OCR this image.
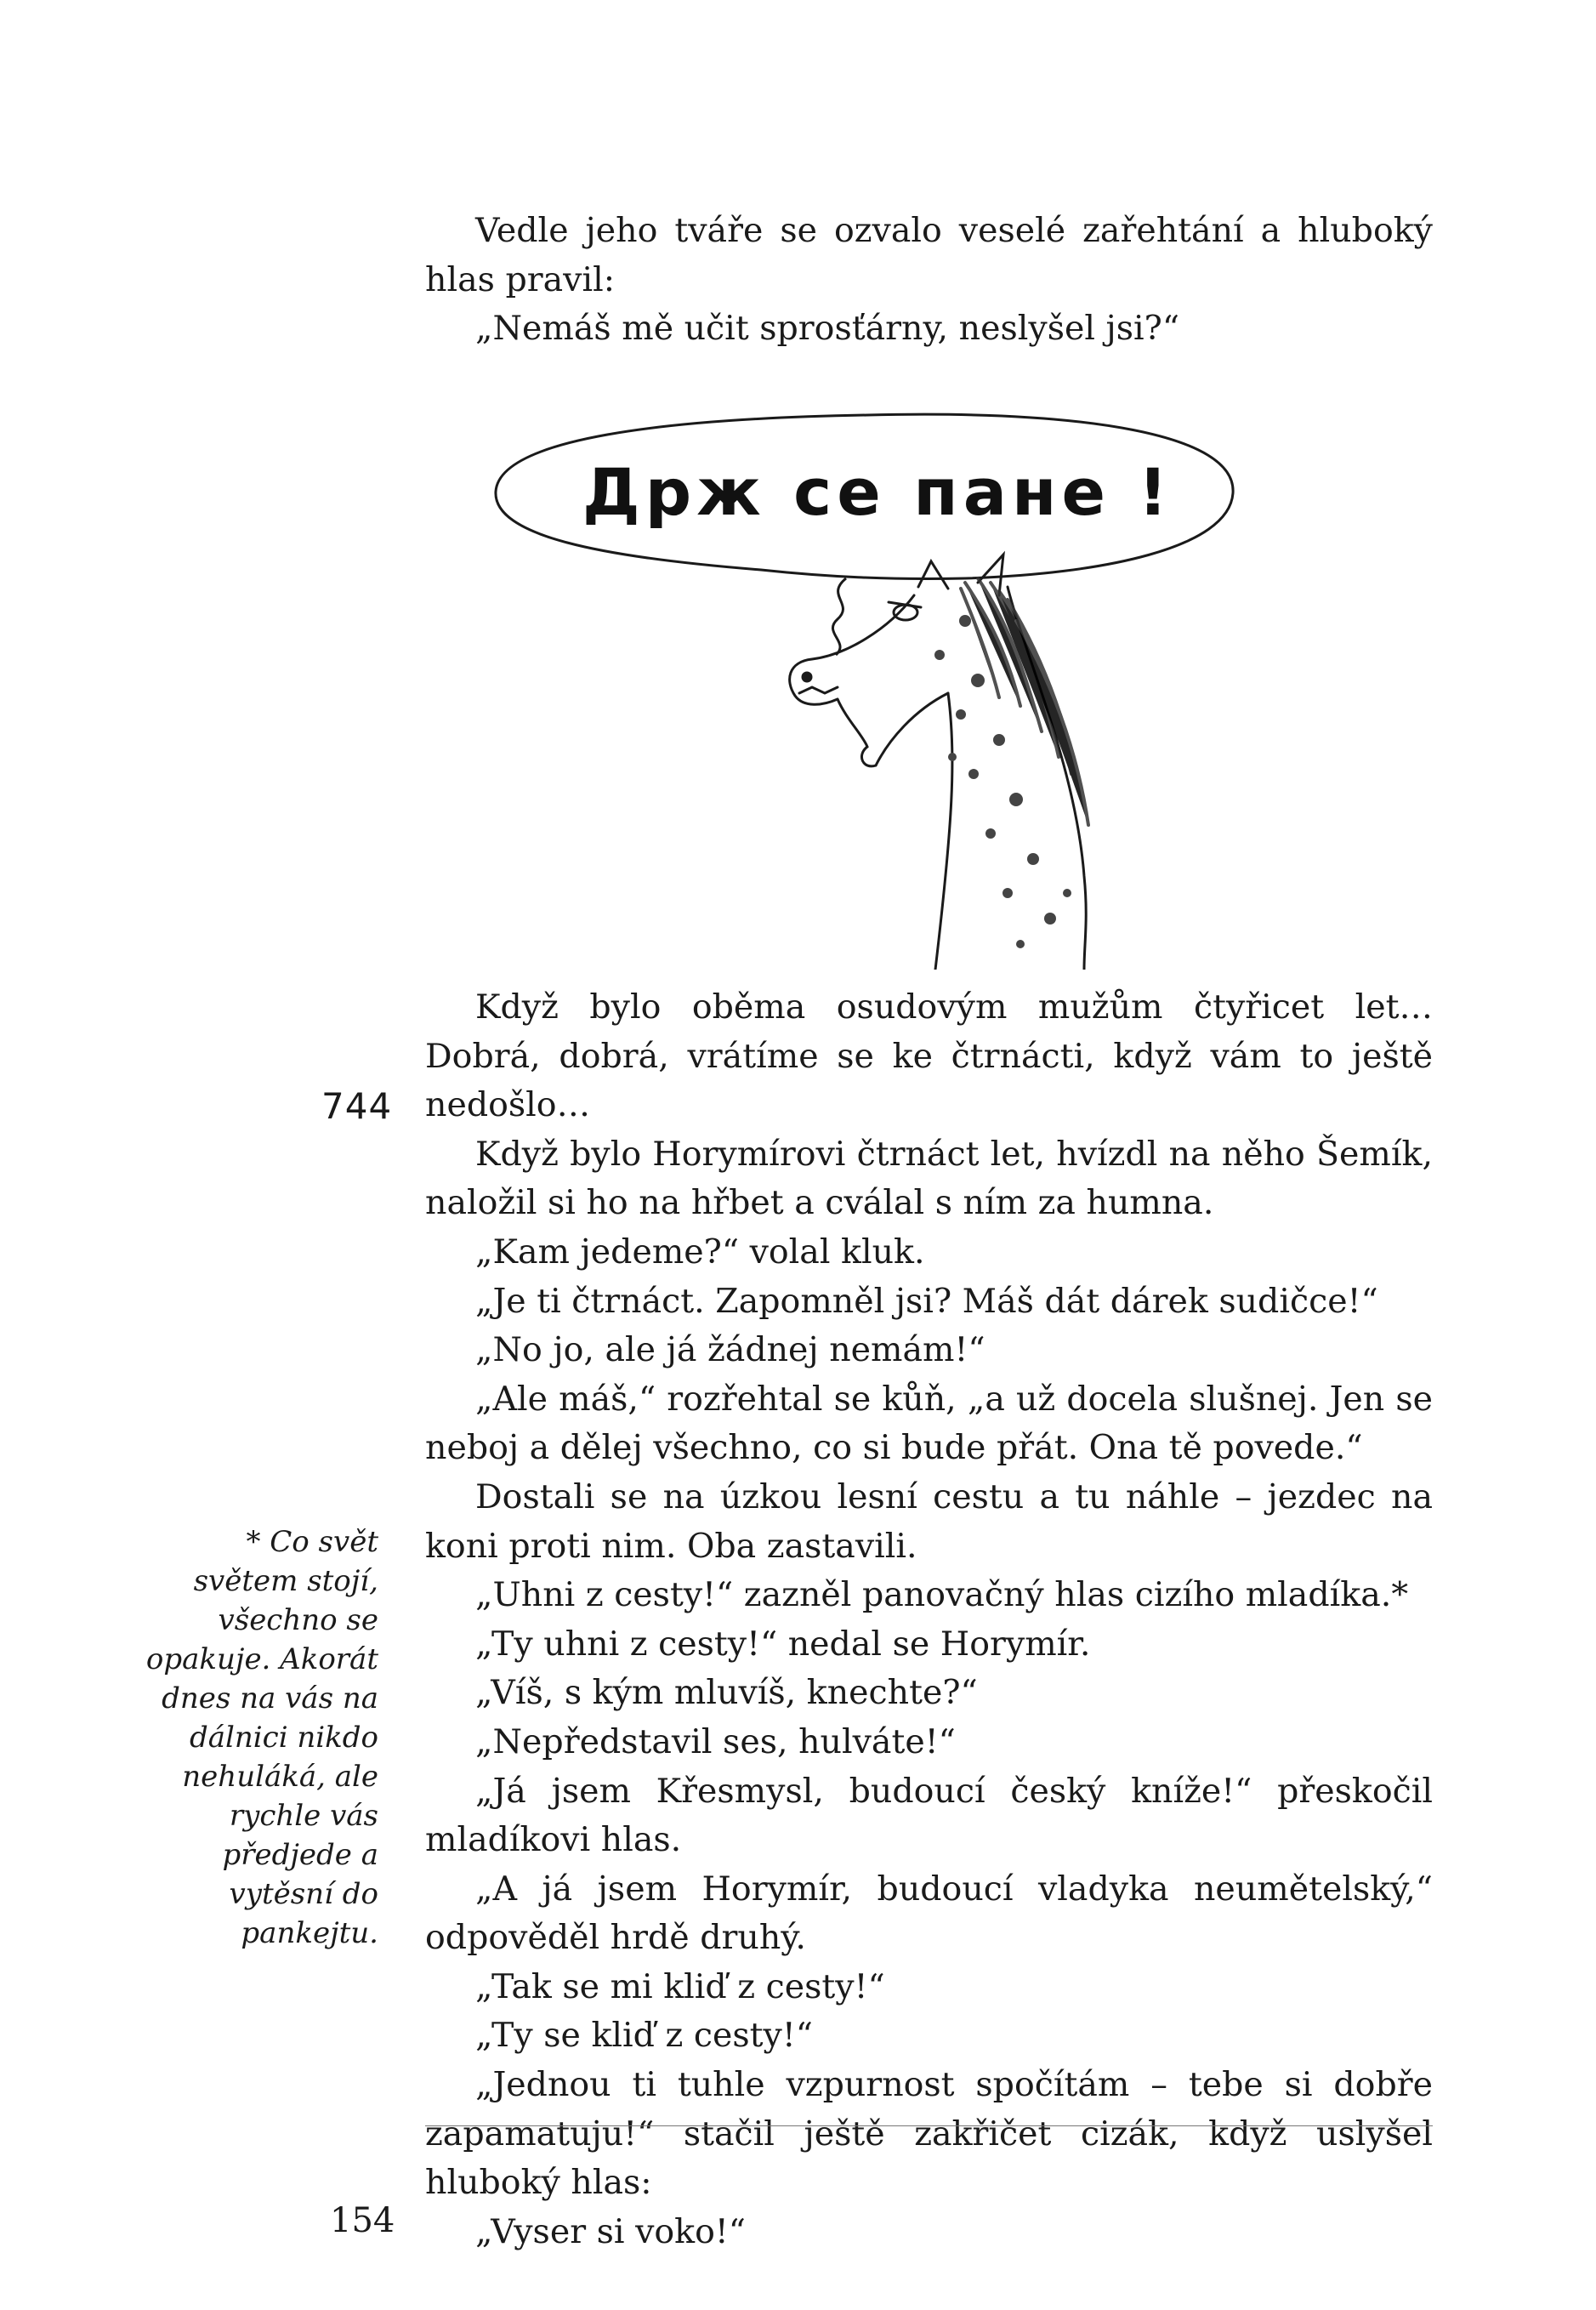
Vedle jeho tváře se ozvalo veselé zařehtání a hluboký hlas pravil:

„Nemáš mě učit sprosťárny, neslyšel jsi?“

Држ се пане !

Když bylo oběma osudovým mužům čtyřicet let… Dobrá, dobrá, vrátíme se ke čtrnácti, když vám to ještě nedošlo…

Když bylo Horymírovi čtrnáct let, hvízdl na něho Šemík, naložil si ho na hřbet a cválal s ním za humna.

„Kam jedeme?“ volal kluk.

„Je ti čtrnáct. Zapomněl jsi? Máš dát dárek sudičce!“

„No jo, ale já žádnej nemám!“

„Ale máš,“ rozřehtal se kůň, „a už docela slušnej. Jen se neboj a dělej všechno, co si bude přát. Ona tě povede.“

Dostali se na úzkou lesní cestu a tu náhle – jezdec na koni proti nim. Oba zastavili.

„Uhni z cesty!“ zazněl panovačný hlas cizího mladíka.*

„Ty uhni z cesty!“ nedal se Horymír.

„Víš, s kým mluvíš, knechte?“

„Nepředstavil ses, hulváte!“

„Já jsem Křesmysl, budoucí český kníže!“ přeskočil mladíkovi hlas.

„A já jsem Horymír, budoucí vladyka neumětelský,“ odpověděl hrdě druhý.

„Tak se mi kliď z cesty!“

„Ty se kliď z cesty!“

„Jednou ti tuhle vzpurnost spočítám – tebe si dobře zapamatuju!“ stačil ještě zakřičet cizák, když uslyšel hluboký hlas:

„Vyser si voko!“

744
* Co svět světem stojí, všechno se opakuje. Akorát dnes na vás na dálnici nikdo nehuláká, ale rychle vás předjede a vytěsní do pankejtu.
154
